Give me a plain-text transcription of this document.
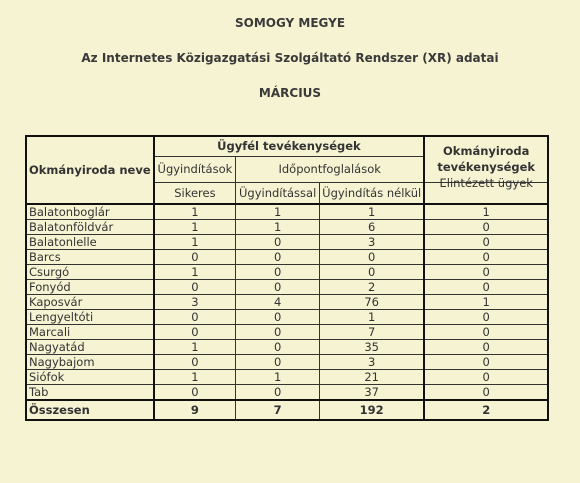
SOMOGY MEGYE
Az Internetes Közigazgatási Szolgáltató Rendszer (XR) adatai
MÁRCIUS
Okmányiroda neve	Ügyfél tevékenységek			Okmányiroda tevékenységek
	Ügyindítások	Időpontfoglalások		
	Sikeres	Ügyindítással	Ügyindítás nélkül	Elintézett ügyek
Balatonboglár	1	1	1	1
Balatonföldvár	1	1	6	0
Balatonlelle	1	0	3	0
Barcs	0	0	0	0
Csurgó	1	0	0	0
Fonyód	0	0	2	0
Kaposvár	3	4	76	1
Lengyeltóti	0	0	1	0
Marcali	0	0	7	0
Nagyatád	1	0	35	0
Nagybajom	0	0	3	0
Siófok	1	1	21	0
Tab	0	0	37	0
Összesen	9	7	192	2
